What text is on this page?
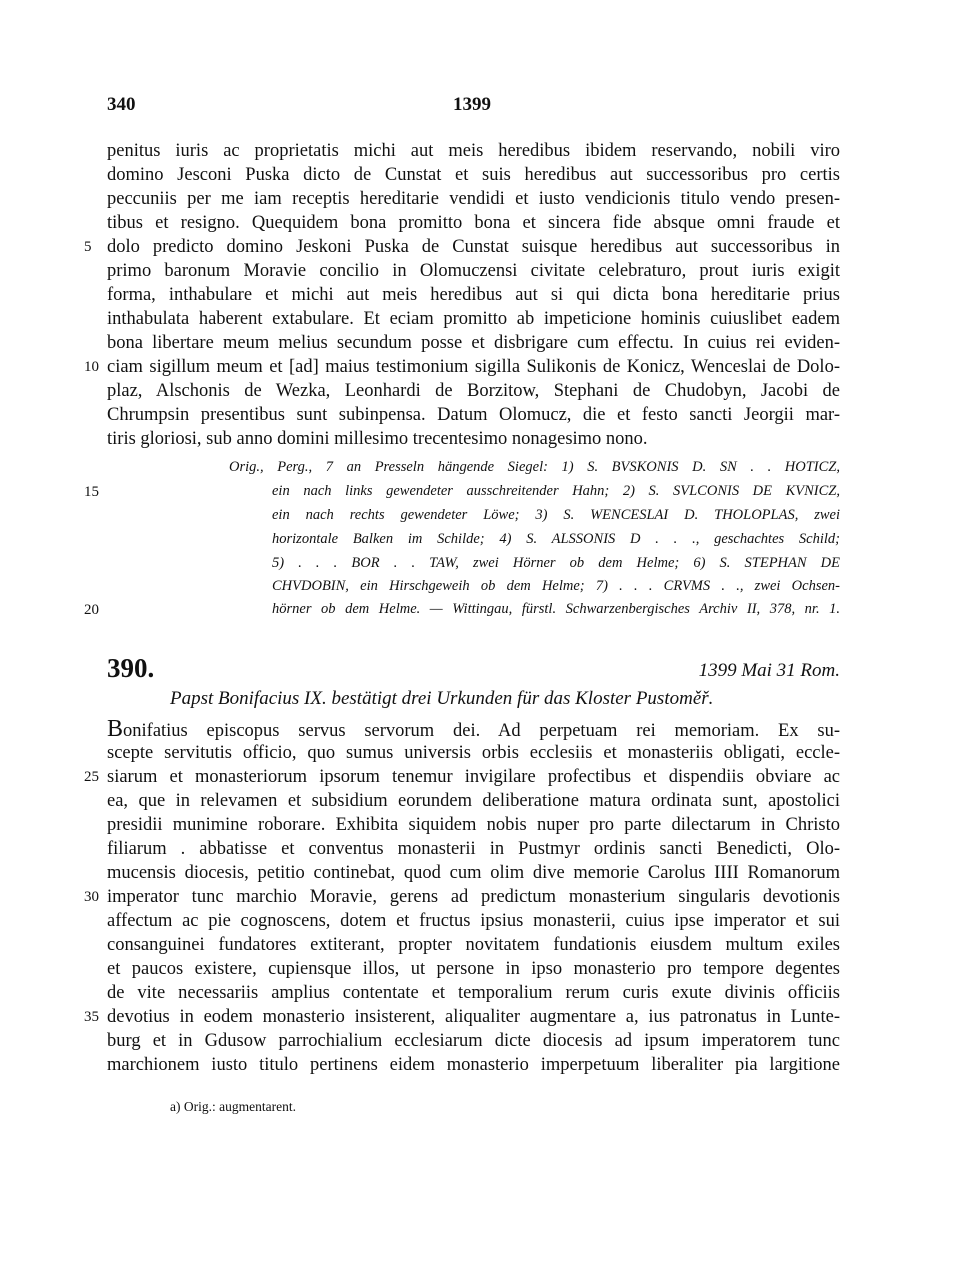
340	1399
penitus iuris ac proprietatis michi aut meis heredibus ibidem reservando, nobili viro
domino Jesconi Puska dicto de Cunstat et suis heredibus aut successoribus pro certis
peccuniis per me iam receptis hereditarie vendidi et iusto vendicionis titulo vendo presen-
tibus et resigno. Quequidem bona promitto bona et sincera fide absque omni fraude et
dolo predicto domino Jeskoni Puska de Cunstat suisque heredibus aut successoribus in
primo baronum Moravie concilio in Olomuczensi civitate celebraturo, prout iuris exigit
forma, inthabulare et michi aut meis heredibus aut si qui dicta bona hereditarie prius
inthabulata haberent extabulare. Et eciam promitto ab impeticione hominis cuiuslibet eadem
bona libertare meum melius secundum posse et disbrigare cum effectu. In cuius rei eviden-
ciam sigillum meum et [ad] maius testimonium sigilla Sulikonis de Konicz, Wenceslai de Dolo-
plaz, Alschonis de Wezka, Leonhardi de Borzitow, Stephani de Chudobyn, Jacobi de
Chrumpsin presentibus sunt subinpensa. Datum Olomucz, die et festo sancti Jeorgii mar-
tiris gloriosi, sub anno domini millesimo trecentesimo nonagesimo nono.
5
10
Orig., Perg., 7 an Presseln hängende Siegel: 1) S. BVSKONIS D. SN . . HOTICZ,
ein nach links gewendeter ausschreitender Hahn; 2) S. SVLCONIS DE KVNICZ,
ein nach rechts gewendeter Löwe; 3) S. WENCESLAI D. THOLOPLAS, zwei
horizontale Balken im Schilde; 4) S. ALSSONIS D . . ., geschachtes Schild;
5) . . . BOR . . TAW, zwei Hörner ob dem Helme; 6) S. STEPHAN DE
CHVDOBIN, ein Hirschgeweih ob dem Helme; 7) . . . CRVMS . ., zwei Ochsen-
hörner ob dem Helme. — Wittingau, fürstl. Schwarzenbergisches Archiv II, 378, nr. 1.
15
20
390.	1399 Mai 31 Rom.
Papst Bonifacius IX. bestätigt drei Urkunden für das Kloster Pustoměř.
Bonifatius episcopus servus servorum dei. Ad perpetuam rei memoriam. Ex su-
scepte servitutis officio, quo sumus universis orbis ecclesiis et monasteriis obligati, eccle-
siarum et monasteriorum ipsorum tenemur invigilare profectibus et dispendiis obviare ac
ea, que in relevamen et subsidium eorundem deliberatione matura ordinata sunt, apostolici
presidii munimine roborare. Exhibita siquidem nobis nuper pro parte dilectarum in Christo
filiarum . abbatisse et conventus monasterii in Pustmyr ordinis sancti Benedicti, Olo-
mucensis diocesis, petitio continebat, quod cum olim dive memorie Carolus IIII Romanorum
imperator tunc marchio Moravie, gerens ad predictum monasterium singularis devotionis
affectum ac pie cognoscens, dotem et fructus ipsius monasterii, cuius ipse imperator et sui
consanguinei fundatores extiterant, propter novitatem fundationis eiusdem multum exiles
et paucos existere, cupiensque illos, ut persone in ipso monasterio pro tempore degentes
de vite necessariis amplius contentate et temporalium rerum curis exute divinis officiis
devotius in eodem monasterio insisterent, aliqualiter augmentare a, ius patronatus in Lunte-
burg et in Gdusow parrochialium ecclesiarum dicte diocesis ad ipsum imperatorem tunc
marchionem iusto titulo pertinens eidem monasterio imperpetuum liberaliter pia largitione
25
30
35
a) Orig.: augmentarent.
